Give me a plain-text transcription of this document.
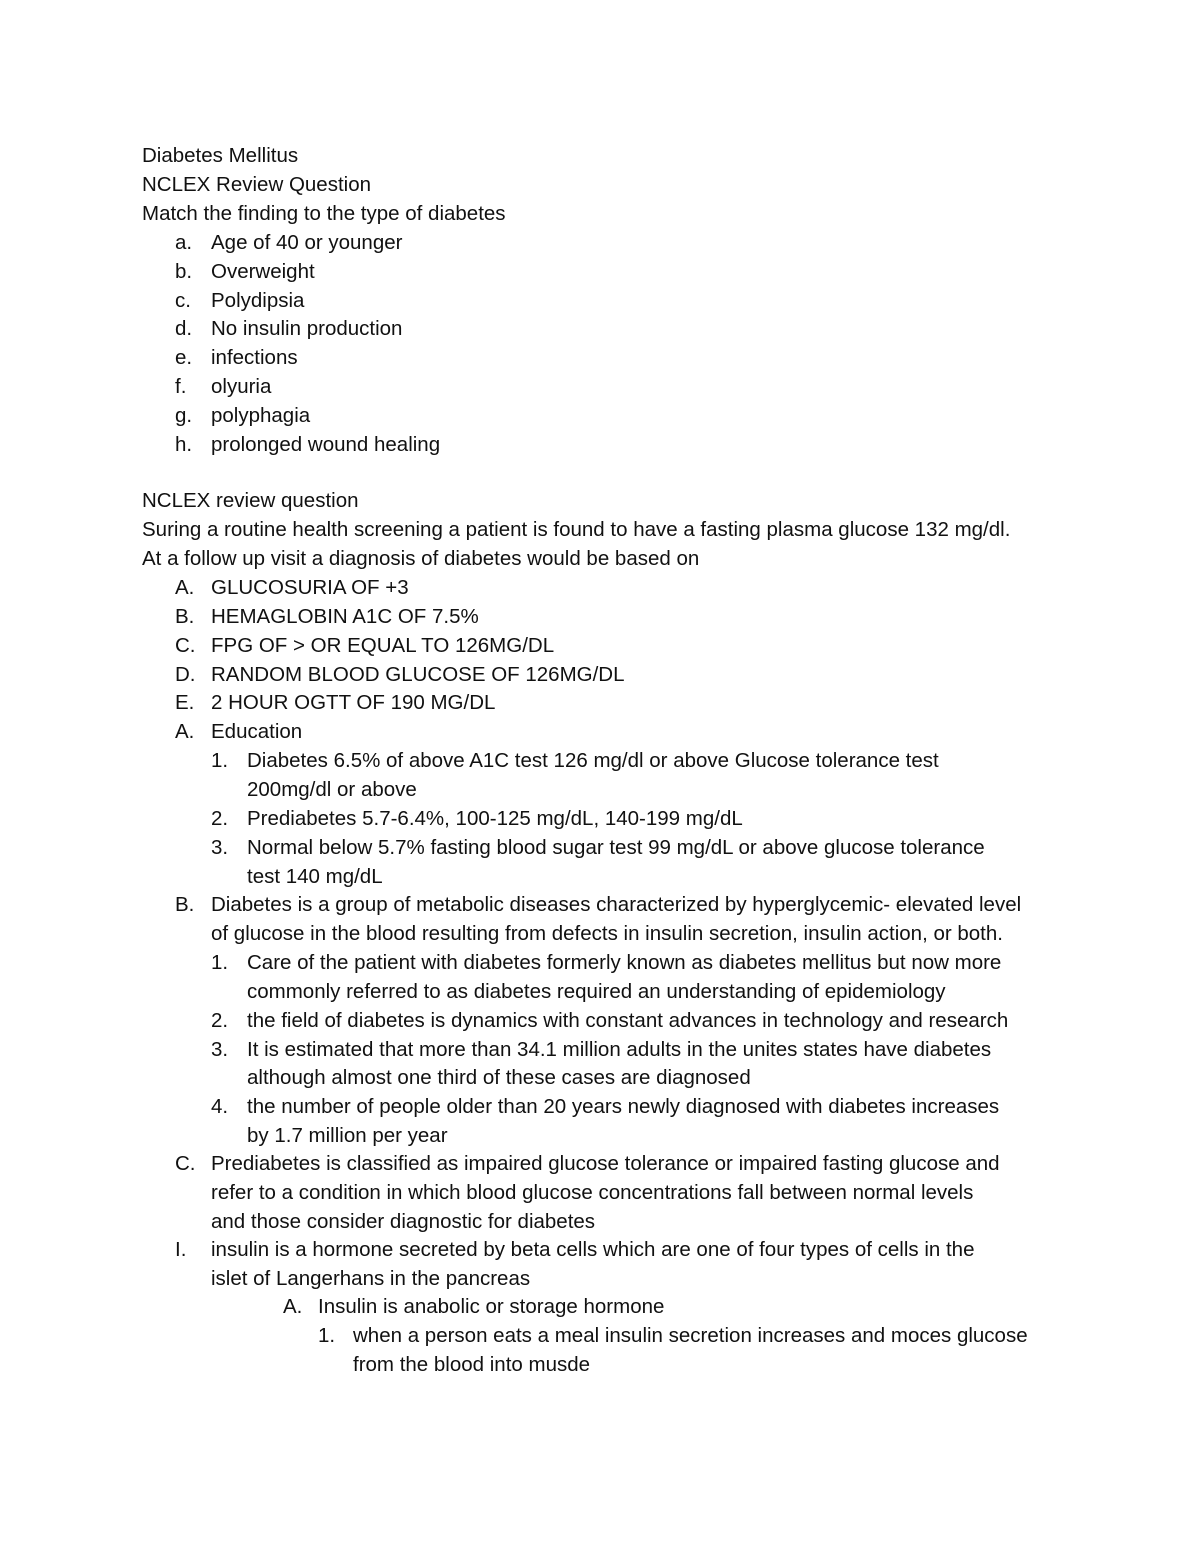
Diabetes Mellitus
NCLEX Review Question
Match the finding to the type of diabetes
a. Age of 40 or younger
b. Overweight
c. Polydipsia
d. No insulin production
e. infections
f. olyuria
g. polyphagia
h. prolonged wound healing
NCLEX review question
Suring a routine health screening a patient is found to have a fasting plasma glucose 132 mg/dl.
At a follow up visit a diagnosis of diabetes would be based on
A. GLUCOSURIA OF +3
B. HEMAGLOBIN A1C OF 7.5%
C. FPG OF > OR EQUAL TO 126MG/DL
D. RANDOM BLOOD GLUCOSE OF 126MG/DL
E. 2 HOUR OGTT OF 190 MG/DL
A. Education
1. Diabetes 6.5% of above A1C test 126 mg/dl or above Glucose tolerance test
200mg/dl or above
2. Prediabetes 5.7-6.4%, 100-125 mg/dL, 140-199 mg/dL
3. Normal below 5.7% fasting blood sugar test 99 mg/dL or above glucose tolerance
test 140 mg/dL
B. Diabetes is a group of metabolic diseases characterized by hyperglycemic- elevated level
of glucose in the blood resulting from defects in insulin secretion, insulin action, or both.
1. Care of the patient with diabetes formerly known as diabetes mellitus but now more
commonly referred to as diabetes required an understanding of epidemiology
2. the field of diabetes is dynamics with constant advances in technology and research
3. It is estimated that more than 34.1 million adults in the unites states have diabetes
although almost one third of these cases are diagnosed
4. the number of people older than 20 years newly diagnosed with diabetes increases
by 1.7 million per year
C. Prediabetes is classified as impaired glucose tolerance or impaired fasting glucose and
refer to a condition in which blood glucose concentrations fall between normal levels
and those consider diagnostic for diabetes
I. insulin is a hormone secreted by beta cells which are one of four types of cells in the
islet of Langerhans in the pancreas
A. Insulin is anabolic or storage hormone
1. when a person eats a meal insulin secretion increases and moces glucose
from the blood into musde
